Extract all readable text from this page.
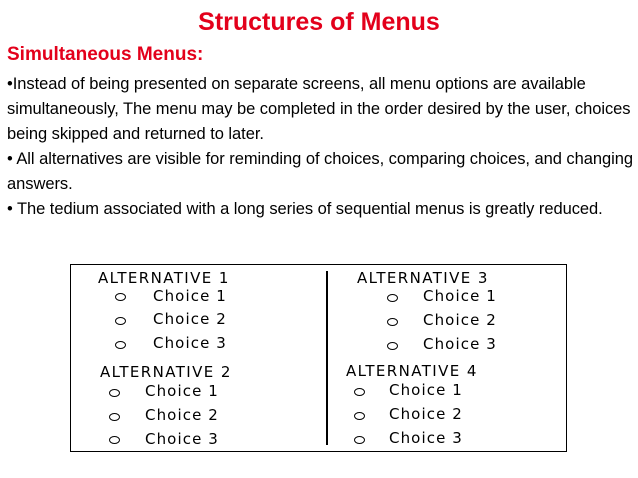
Structures of Menus
Simultaneous Menus:

•Instead of being presented on separate screens, all menu options are available simultaneously, The menu may be completed in the order desired by the user, choices being skipped and returned to later.

• All alternatives are visible for reminding of choices, comparing choices, and changing answers.

• The tedium associated with a long series of sequential menus is greatly reduced.

ALTERNATIVE 1
Choice 1
Choice 2
Choice 3
ALTERNATIVE 2
Choice 1
Choice 2
Choice 3
ALTERNATIVE 3
Choice 1
Choice 2
Choice 3
ALTERNATIVE 4
Choice 1
Choice 2
Choice 3
